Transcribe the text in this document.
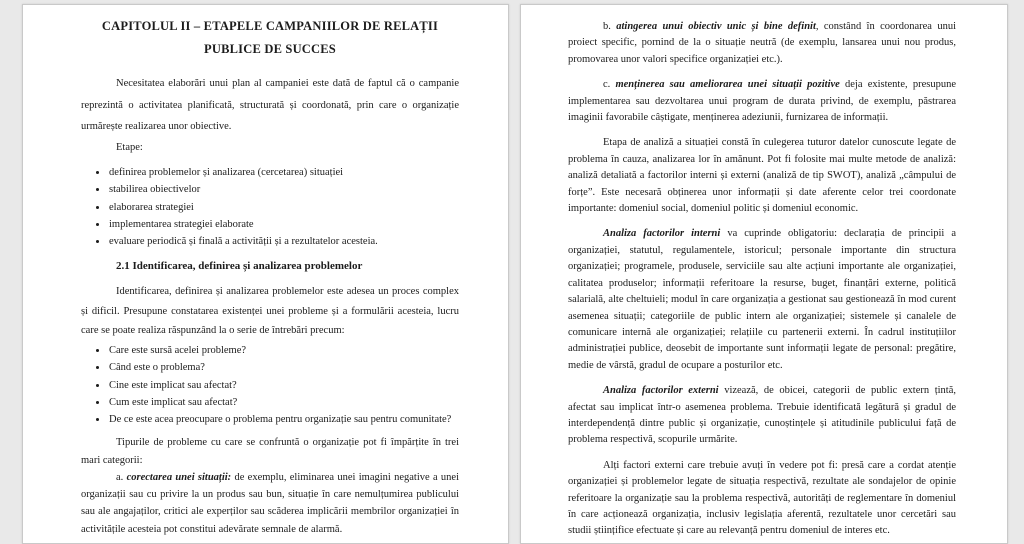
CAPITOLUL II – ETAPELE CAMPANIILOR DE RELAȚII
PUBLICE DE SUCCES

Necesitatea elaborări unui plan al campaniei este dată de faptul că o campanie reprezintă o activitatea planificată, structurată și coordonată, prin care o organizație urmărește realizarea unor obiective.

Etape:

• definirea problemelor și analizarea (cercetarea) situației
• stabilirea obiectivelor
• elaborarea strategiei
• implementarea strategiei elaborate
• evaluare periodică și finală a activității și a rezultatelor acesteia.
2.1 Identificarea, definirea și analizarea problemelor

Identificarea, definirea și analizarea problemelor este adesea un proces complex și dificil. Presupune constatarea existenței unei probleme și a formulării acesteia, lucru care se poate realiza răspunzând la o serie de întrebări precum:

• Care este sursă acelei probleme?
• Când este o problema?
• Cine este implicat sau afectat?
• Cum este implicat sau afectat?
• De ce este acea preocupare o problema pentru organizație sau pentru comunitate?

Tipurile de probleme cu care se confruntă o organizație pot fi împărțite în trei mari categorii:

a. corectarea unei situații: de exemplu, eliminarea unei imagini negative a unei organizații sau cu privire la un produs sau bun, situație în care nemulțumirea publicului sau ale angajaților, critici ale experților sau scăderea implicării membrilor organizației în activitățile acesteia pot constitui adevărate semnale de alarmă.

b. atingerea unui obiectiv unic și bine definit, constând în coordonarea unui proiect specific, pornind de la o situație neutră (de exemplu, lansarea unui nou produs, promovarea unor valori specifice organizației etc.).

c. menținerea sau ameliorarea unei situații pozitive deja existente, presupune implementarea sau dezvoltarea unui program de durata privind, de exemplu, păstrarea imaginii favorabile câștigate, menținerea adeziunii, furnizarea de informații.

Etapa de analiză a situației constă în culegerea tuturor datelor cunoscute legate de problema în cauza, analizarea lor în amănunt. Pot fi folosite mai multe metode de analiză: analiză detaliată a factorilor interni și externi (analiză de tip SWOT), analiză „câmpului de forțe”. Este necesară obținerea unor informații și date aferente celor trei coordonate importante: domeniul social, domeniul politic și domeniul economic.

Analiza factorilor interni va cuprinde obligatoriu: declarația de principii a organizației, statutul, regulamentele, istoricul; personale importante din structura organizației; programele, produsele, serviciile sau alte acțiuni importante ale organizației, calitatea produselor; informații referitoare la resurse, buget, finanțări externe, politică salarială, alte cheltuieli; modul în care organizația a gestionat sau gestionează în mod curent asemenea situații; categoriile de public intern ale organizației; sistemele și canalele de comunicare internă ale organizației; relațiile cu partenerii externi. În cadrul instituțiilor administrației publice, deosebit de importante sunt informații legate de personal: pregătire, medie de vârstă, gradul de ocupare a posturilor etc.

Analiza factorilor externi vizează, de obicei, categorii de public extern țintă, afectat sau implicat într-o asemenea problema. Trebuie identificată legătură și gradul de interdependență dintre public și organizație, cunoștințele și atitudinile publicului față de problema respectivă, scopurile urmărite.

Alți factori externi care trebuie avuți în vedere pot fi: presă care a cordat atenție organizației și problemelor legate de situația respectivă, rezultate ale sondajelor de opinie referitoare la organizație sau la problema respectivă, autorități de reglementare în domeniul în care acționează organizația, inclusiv legislația aferentă, rezultatele unor cercetări sau studii științifice efectuate și care au relevanță pentru domeniul de interes etc.
